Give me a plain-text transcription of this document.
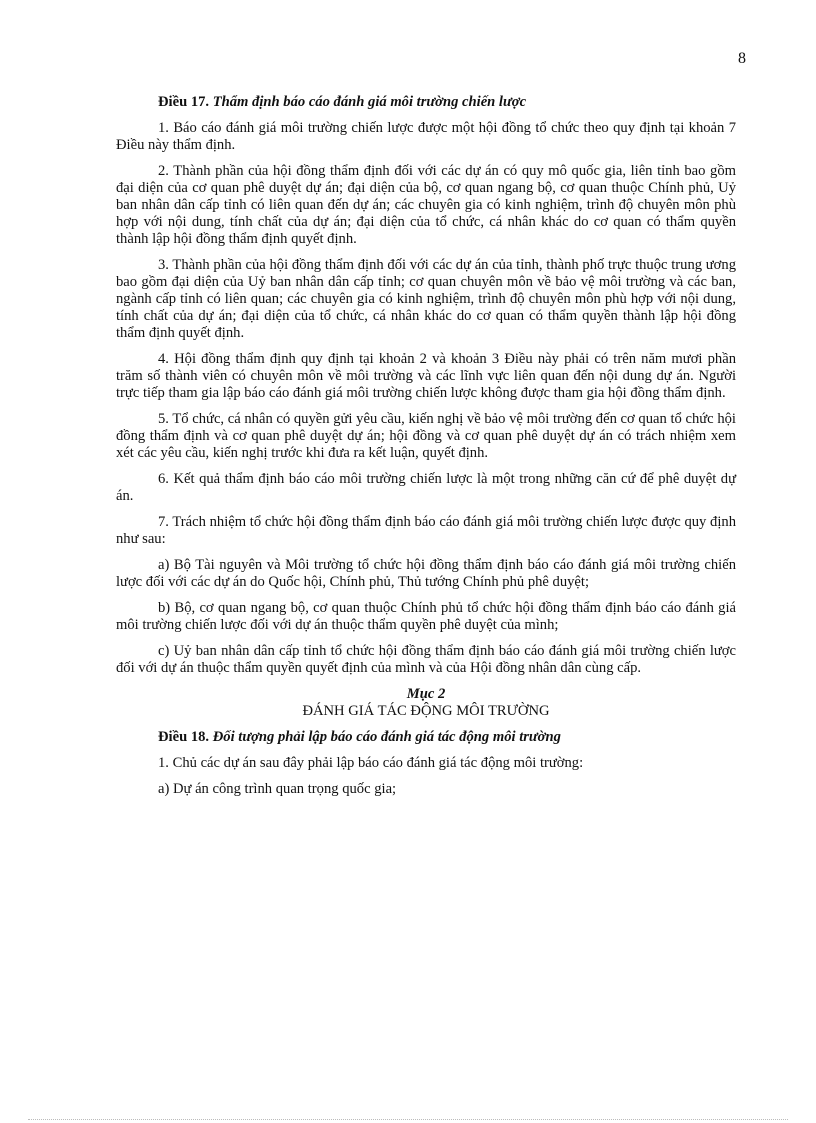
8
Điều 17. Thẩm định báo cáo đánh giá môi trường chiến lược

1. Báo cáo đánh giá môi trường chiến lược được một hội đồng tổ chức theo quy định tại khoản 7 Điều này thẩm định.

2. Thành phần của hội đồng thẩm định đối với các dự án có quy mô quốc gia, liên tỉnh bao gồm đại diện của cơ quan phê duyệt dự án; đại diện của bộ, cơ quan ngang bộ, cơ quan thuộc Chính phủ, Uỷ ban nhân dân cấp tỉnh có liên quan đến dự án; các chuyên gia có kinh nghiệm, trình độ chuyên môn phù hợp với nội dung, tính chất của dự án; đại diện của tổ chức, cá nhân khác do cơ quan có thẩm quyền thành lập hội đồng thẩm định quyết định.

3. Thành phần của hội đồng thẩm định đối với các dự án của tỉnh, thành phố trực thuộc trung ương bao gồm đại diện của Uỷ ban nhân dân cấp tỉnh; cơ quan chuyên môn về bảo vệ môi trường và các ban, ngành cấp tỉnh có liên quan; các chuyên gia có kinh nghiệm, trình độ chuyên môn phù hợp với nội dung, tính chất của dự án; đại diện của tổ chức, cá nhân khác do cơ quan có thẩm quyền thành lập hội đồng thẩm định quyết định.

4. Hội đồng thẩm định quy định tại khoản 2 và khoản 3 Điều này phải có trên năm mươi phần trăm số thành viên có chuyên môn về môi trường và các lĩnh vực liên quan đến nội dung dự án. Người trực tiếp tham gia lập báo cáo đánh giá môi trường chiến lược không được tham gia hội đồng thẩm định.

5. Tổ chức, cá nhân có quyền gửi yêu cầu, kiến nghị về bảo vệ môi trường đến cơ quan tổ chức hội đồng thẩm định và cơ quan phê duyệt dự án; hội đồng và cơ quan phê duyệt dự án có trách nhiệm xem xét các yêu cầu, kiến nghị trước khi đưa ra kết luận, quyết định.

6. Kết quả thẩm định báo cáo môi trường chiến lược là một trong những căn cứ để phê duyệt dự án.

7. Trách nhiệm tổ chức hội đồng thẩm định báo cáo đánh giá môi trường chiến lược được quy định như sau:

a) Bộ Tài nguyên và Môi trường tổ chức hội đồng thẩm định báo cáo đánh giá môi trường chiến lược đối với các dự án do Quốc hội, Chính phủ, Thủ tướng Chính phủ phê duyệt;

b) Bộ, cơ quan ngang bộ, cơ quan thuộc Chính phủ tổ chức hội đồng thẩm định báo cáo đánh giá môi trường chiến lược đối với dự án thuộc thẩm quyền phê duyệt của mình;

c) Uỷ ban nhân dân cấp tỉnh tổ chức hội đồng thẩm định báo cáo đánh giá môi trường chiến lược đối với dự án thuộc thẩm quyền quyết định của mình và của Hội đồng nhân dân cùng cấp.

Mục 2
ĐÁNH GIÁ TÁC ĐỘNG MÔI TRƯỜNG
Điều 18. Đối tượng phải lập báo cáo đánh giá tác động môi trường

1. Chủ các dự án sau đây phải lập báo cáo đánh giá tác động môi trường:

a) Dự án công trình quan trọng quốc gia;
